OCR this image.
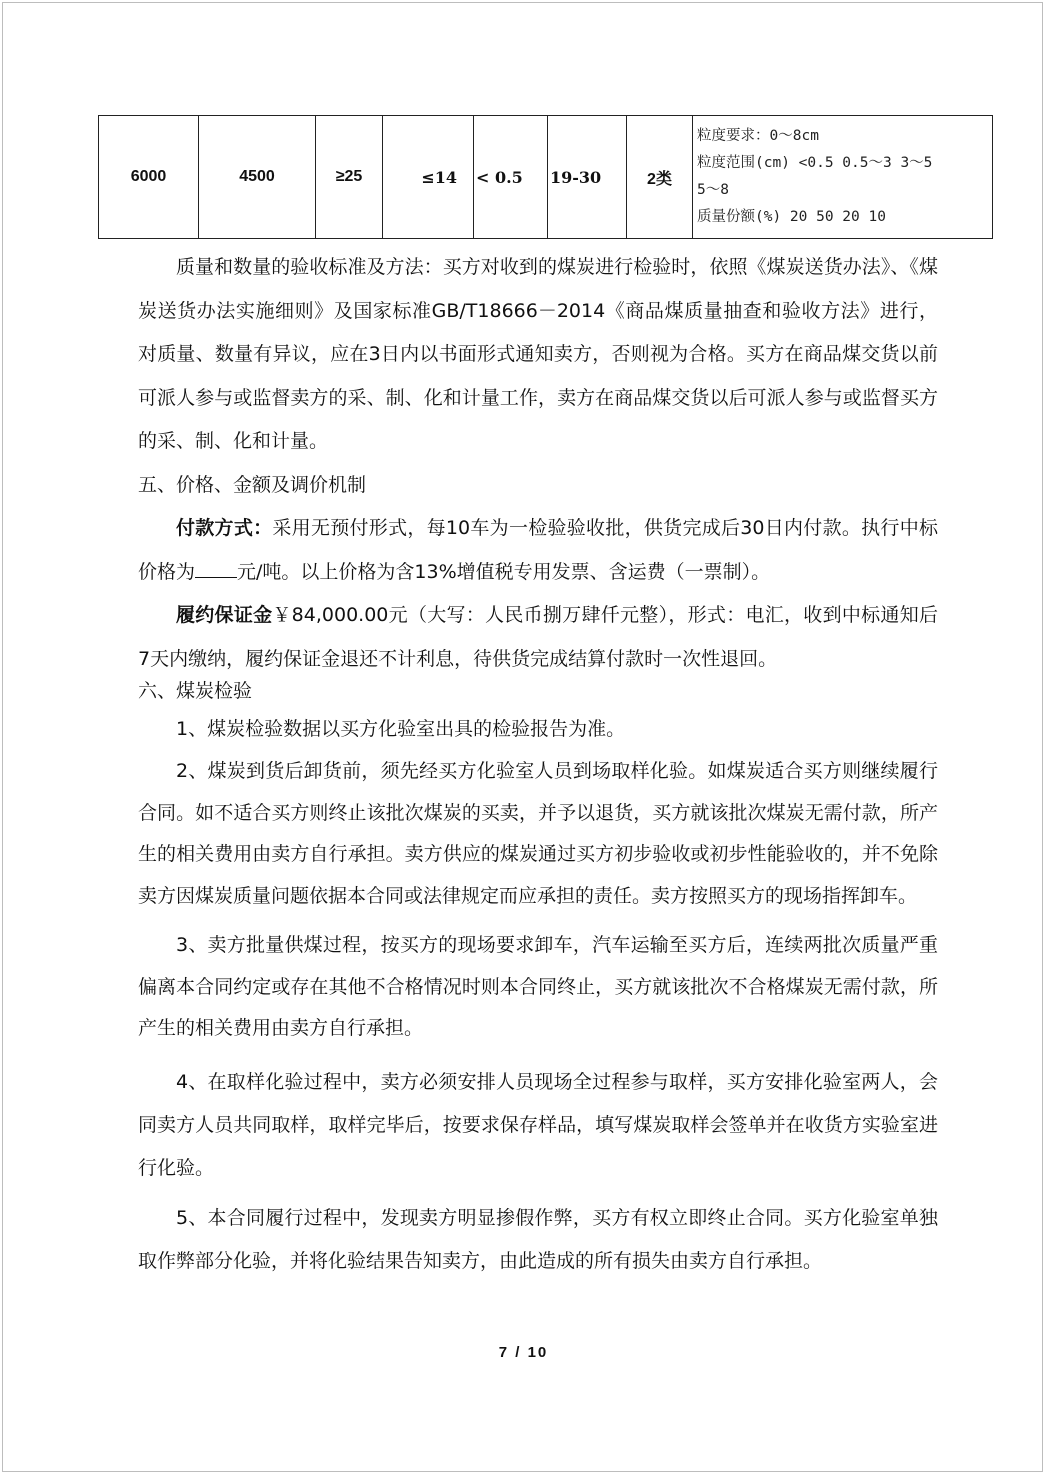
6000	4500	≥25	≤14	< 0.5	19-30	2类	
粒度要求：0～8cm
粒度范围(cm) <0.5 0.5～3 3～5
5～8
质量份额(%) 20 50 20 10

质量和数量的验收标准及方法：买方对收到的煤炭进行检验时，依照《煤炭送货办法》、《煤炭送货办法实施细则》及国家标准GB/T18666－2014《商品煤质量抽查和验收方法》进行，对质量、数量有异议，应在3日内以书面形式通知卖方，否则视为合格。买方在商品煤交货以前可派人参与或监督卖方的采、制、化和计量工作，卖方在商品煤交货以后可派人参与或监督买方的采、制、化和计量。

五、价格、金额及调价机制

付款方式：采用无预付形式，每10车为一检验验收批，供货完成后30日内付款。执行中标价格为 元/吨。以上价格为含13%增值税专用发票、含运费（一票制）。

履约保证金￥84,000.00元（大写：人民币捌万肆仟元整），形式：电汇，收到中标通知后7天内缴纳，履约保证金退还不计利息，待供货完成结算付款时一次性退回。

六、煤炭检验

1、煤炭检验数据以买方化验室出具的检验报告为准。

2、煤炭到货后卸货前，须先经买方化验室人员到场取样化验。如煤炭适合买方则继续履行合同。如不适合买方则终止该批次煤炭的买卖，并予以退货，买方就该批次煤炭无需付款，所产生的相关费用由卖方自行承担。卖方供应的煤炭通过买方初步验收或初步性能验收的，并不免除卖方因煤炭质量问题依据本合同或法律规定而应承担的责任。卖方按照买方的现场指挥卸车。

3、卖方批量供煤过程，按买方的现场要求卸车，汽车运输至买方后，连续两批次质量严重偏离本合同约定或存在其他不合格情况时则本合同终止，买方就该批次不合格煤炭无需付款，所产生的相关费用由卖方自行承担。

4、在取样化验过程中，卖方必须安排人员现场全过程参与取样，买方安排化验室两人，会同卖方人员共同取样，取样完毕后，按要求保存样品，填写煤炭取样会签单并在收货方实验室进行化验。

5、本合同履行过程中，发现卖方明显掺假作弊，买方有权立即终止合同。买方化验室单独取作弊部分化验，并将化验结果告知卖方，由此造成的所有损失由卖方自行承担。

7 / 10
